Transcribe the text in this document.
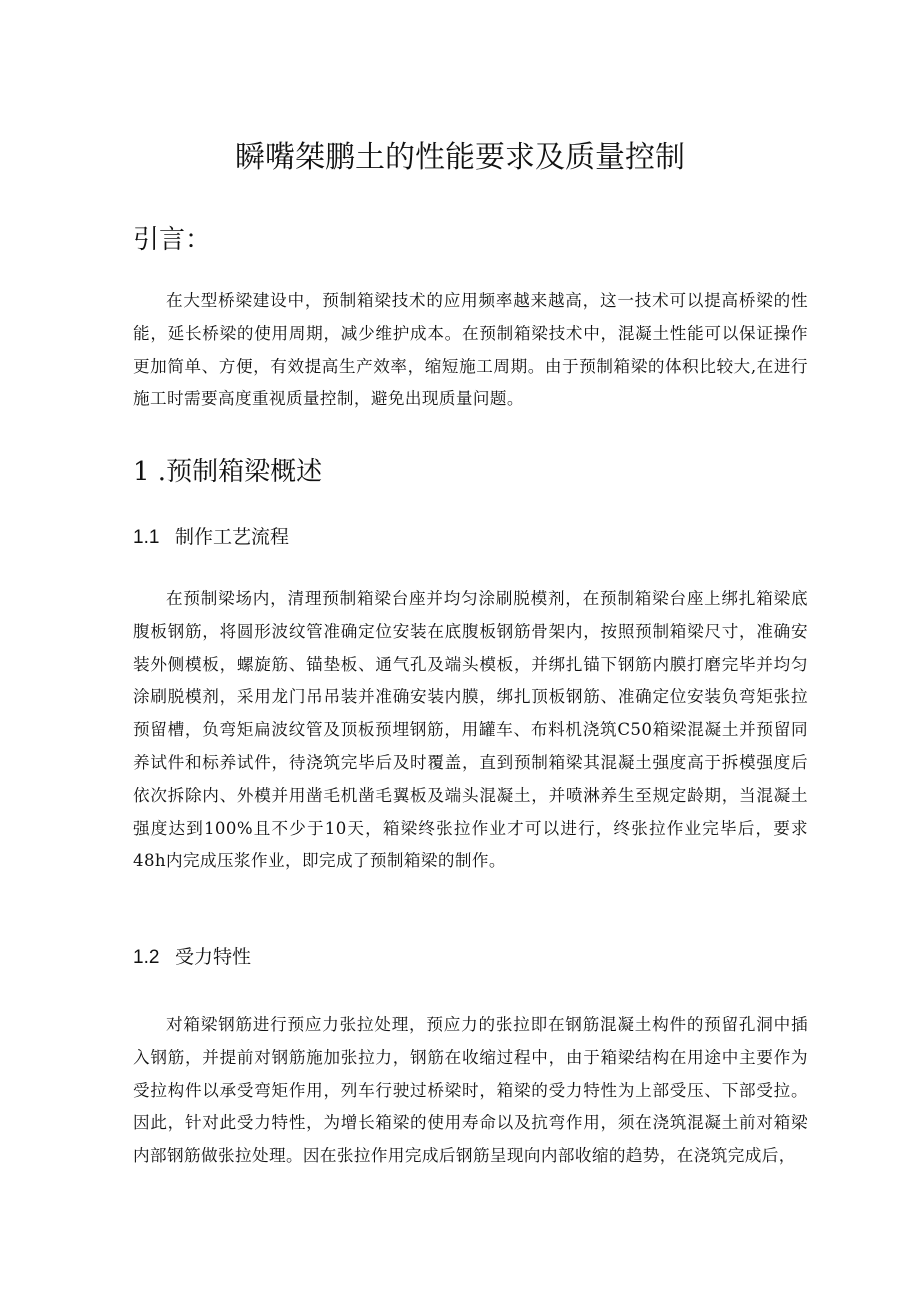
瞬嘴桀鹏土的性能要求及质量控制
引言：

在大型桥梁建设中，预制箱梁技术的应用频率越来越高，这一技术可以提高桥梁的性能，延长桥梁的使用周期，减少维护成本。在预制箱梁技术中，混凝土性能可以保证操作更加简单、方便，有效提高生产效率，缩短施工周期。由于预制箱梁的体积比较大,在进行施工时需要高度重视质量控制，避免出现质量问题。

1 .预制箱梁概述
1.1 制作工艺流程

在预制梁场内，清理预制箱梁台座并均匀涂刷脱模剂，在预制箱梁台座上绑扎箱梁底腹板钢筋，将圆形波纹管准确定位安装在底腹板钢筋骨架内，按照预制箱梁尺寸，准确安装外侧模板，螺旋筋、锚垫板、通气孔及端头模板，并绑扎锚下钢筋内膜打磨完毕并均匀涂刷脱模剂，采用龙门吊吊装并准确安装内膜，绑扎顶板钢筋、准确定位安装负弯矩张拉预留槽，负弯矩扁波纹管及顶板预埋钢筋，用罐车、布料机浇筑C50箱梁混凝土并预留同养试件和标养试件，待浇筑完毕后及时覆盖，直到预制箱梁其混凝土强度高于拆模强度后依次拆除内、外模并用凿毛机凿毛翼板及端头混凝土，并喷淋养生至规定龄期，当混凝土强度达到100%且不少于10天，箱梁终张拉作业才可以进行，终张拉作业完毕后，要求48h内完成压浆作业，即完成了预制箱梁的制作。

1.2 受力特性

对箱梁钢筋进行预应力张拉处理，预应力的张拉即在钢筋混凝土构件的预留孔洞中插入钢筋，并提前对钢筋施加张拉力，钢筋在收缩过程中，由于箱梁结构在用途中主要作为受拉构件以承受弯矩作用，列车行驶过桥梁时，箱梁的受力特性为上部受压、下部受拉。因此，针对此受力特性，为增长箱梁的使用寿命以及抗弯作用，须在浇筑混凝土前对箱梁内部钢筋做张拉处理。因在张拉作用完成后钢筋呈现向内部收缩的趋势，在浇筑完成后，
